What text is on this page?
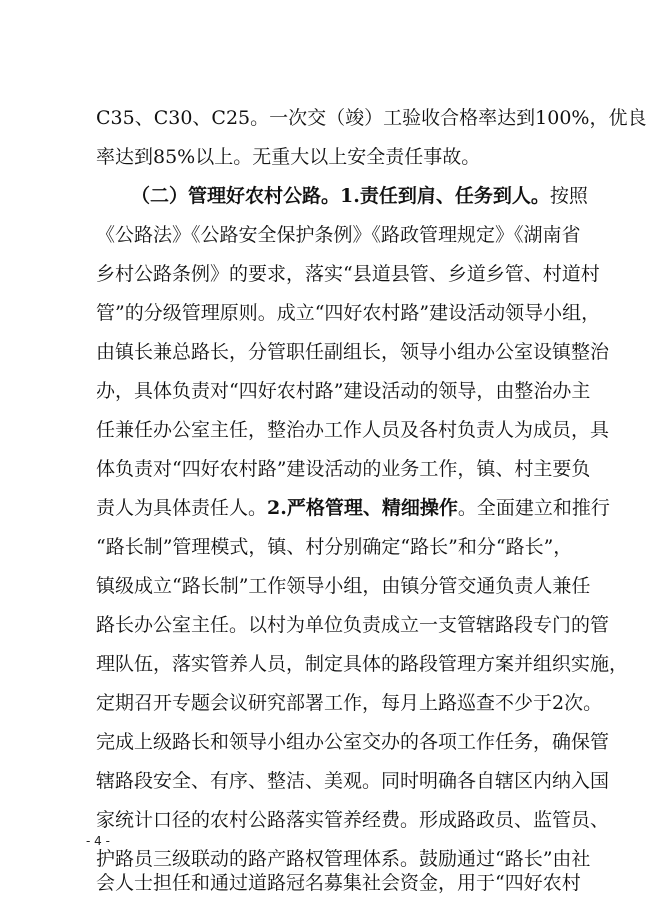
C35、C30、C25。一次交（竣）工验收合格率达到100%，优良
率达到85%以上。无重大以上安全责任事故。
（二）管理好农村公路。1.责任到肩、任务到人。按照
《公路法》《公路安全保护条例》《路政管理规定》《湖南省
乡村公路条例》的要求，落实“县道县管、乡道乡管、村道村
管”的分级管理原则。成立“四好农村路”建设活动领导小组，
由镇长兼总路长，分管职任副组长，领导小组办公室设镇整治
办，具体负责对“四好农村路”建设活动的领导，由整治办主
任兼任办公室主任，整治办工作人员及各村负责人为成员，具
体负责对“四好农村路”建设活动的业务工作，镇、村主要负
责人为具体责任人。2.严格管理、精细操作。全面建立和推行
“路长制”管理模式，镇、村分别确定“路长”和分“路长”，
镇级成立“路长制”工作领导小组，由镇分管交通负责人兼任
路长办公室主任。以村为单位负责成立一支管辖路段专门的管
理队伍，落实管养人员，制定具体的路段管理方案并组织实施，
定期召开专题会议研究部署工作，每月上路巡查不少于2次。
完成上级路长和领导小组办公室交办的各项工作任务，确保管
辖路段安全、有序、整洁、美观。同时明确各自辖区内纳入国
家统计口径的农村公路落实管养经费。形成路政员、监管员、
护路员三级联动的路产路权管理体系。鼓励通过“路长”由社
会人士担任和通过道路冠名募集社会资金，用于“四好农村
- 4 -
